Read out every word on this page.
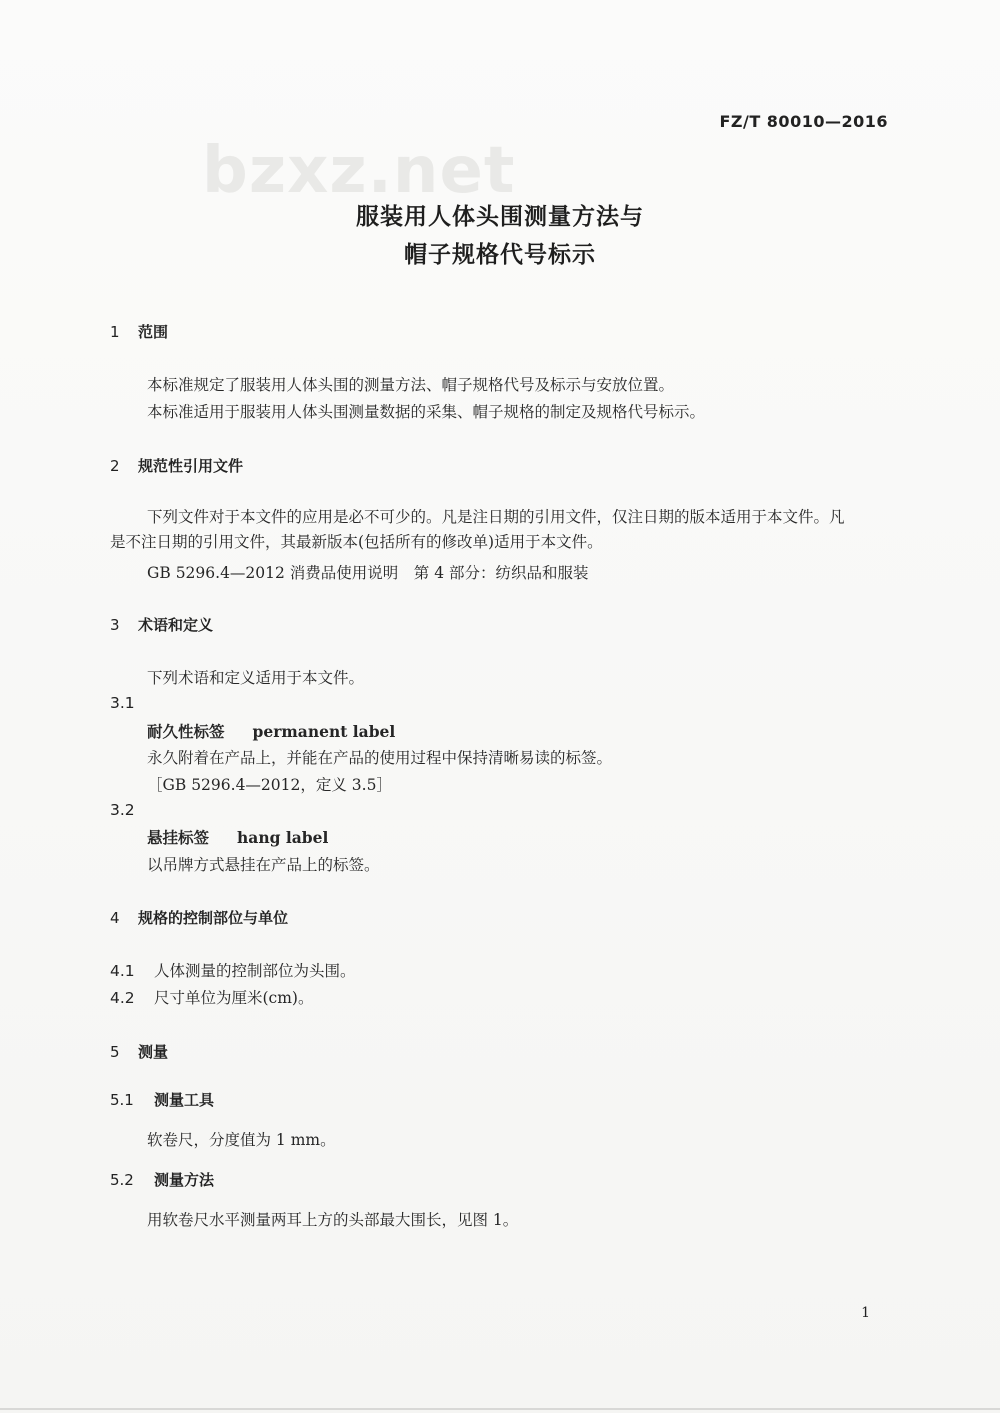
FZ/T 80010—2016
bzxz.net
服装用人体头围测量方法与
帽子规格代号标示
1 范围
本标准规定了服装用人体头围的测量方法、帽子规格代号及标示与安放位置。
本标准适用于服装用人体头围测量数据的采集、帽子规格的制定及规格代号标示。
2 规范性引用文件
下列文件对于本文件的应用是必不可少的。凡是注日期的引用文件，仅注日期的版本适用于本文件。凡是不注日期的引用文件，其最新版本(包括所有的修改单)适用于本文件。
GB 5296.4—2012 消费品使用说明　第 4 部分：纺织品和服装
3 术语和定义
下列术语和定义适用于本文件。
3.1
耐久性标签 permanent label
永久附着在产品上，并能在产品的使用过程中保持清晰易读的标签。
［GB 5296.4—2012，定义 3.5］
3.2
悬挂标签 hang label
以吊牌方式悬挂在产品上的标签。
4 规格的控制部位与单位
4.1 人体测量的控制部位为头围。
4.2 尺寸单位为厘米(cm)。
5 测量
5.1 测量工具
软卷尺，分度值为 1 mm。
5.2 测量方法
用软卷尺水平测量两耳上方的头部最大围长，见图 1。
1
